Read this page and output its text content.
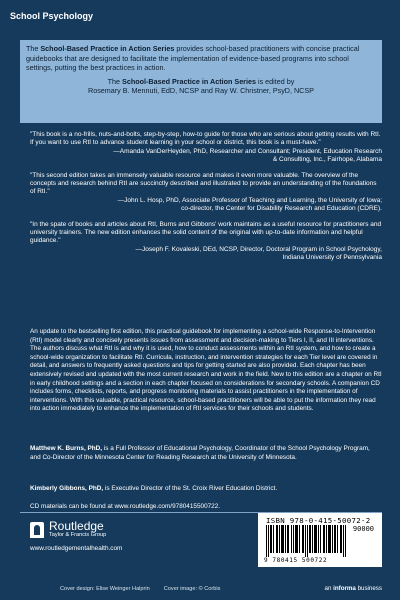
School Psychology

The School-Based Practice in Action Series provides school-based practitioners with concise practical guidebooks that are designed to facilitate the implementation of evidence-based programs into school settings, putting the best practices in action.

The School-Based Practice in Action Series is edited by

Rosemary B. Mennuti, EdD, NCSP and Ray W. Christner, PsyD, NCSP

"This book is a no-frills, nuts-and-bolts, step-by-step, how-to guide for those who are serious about getting results with RtI. If you want to use RtI to advance student learning in your school or district, this book is a must-have."
—Amanda VanDerHeyden, PhD, Researcher and Consultant; President, Education Research
& Consulting, Inc., Fairhope, Alabama
"This second edition takes an immensely valuable resource and makes it even more valuable. The overview of the concepts and research behind RtI are succinctly described and illustrated to provide an understanding of the foundations of RtI."
—John L. Hosp, PhD, Associate Professor of Teaching and Learning, the University of Iowa;
co-director, the Center for Disability Research and Education (CDRE).
"In the spate of books and articles about RtI, Burns and Gibbons' work maintains as a useful resource for practitioners and university trainers. The new edition enhances the solid content of the original with up-to-date information and helpful guidance."
—Joseph F. Kovaleski, DEd, NCSP, Director, Doctoral Program in School Psychology,
Indiana University of Pennsylvania
An update to the bestselling first edition, this practical guidebook for implementing a school-wide Response-to-Intervention (RtI) model clearly and concisely presents issues from assessment and decision-making to Tiers I, II, and III interventions. The authors discuss what RtI is and why it is used, how to conduct assessments within an RtI system, and how to create a school-wide organization to facilitate RtI. Curricula, instruction, and intervention strategies for each Tier level are covered in detail, and answers to frequently asked questions and tips for getting started are also provided. Each chapter has been extensively revised and updated with the most current research and work in the field. New to this edition are a chapter on RtI in early childhood settings and a section in each chapter focused on considerations for secondary schools. A companion CD includes forms, checklists, reports, and progress monitoring materials to assist practitioners in the implementation of interventions. With this valuable, practical resource, school-based practitioners will be able to put the information they read into action immediately to enhance the implementation of RtI services for their schools and students.
Matthew K. Burns, PhD, is a Full Professor of Educational Psychology, Coordinator of the School Psychology Program, and Co-Director of the Minnesota Center for Reading Research at the University of Minnesota.
Kimberly Gibbons, PhD, is Executive Director of the St. Croix River Education District.
CD materials can be found at www.routledge.com/9780415500722.
Routledge
Taylor & Francis Group
www.routledgementalhealth.com
ISBN 978-0-415-50072-2
90000
9 780415 500722
Cover design: Elise Weinger Halprin	Cover image: © Corbis	an informa business
